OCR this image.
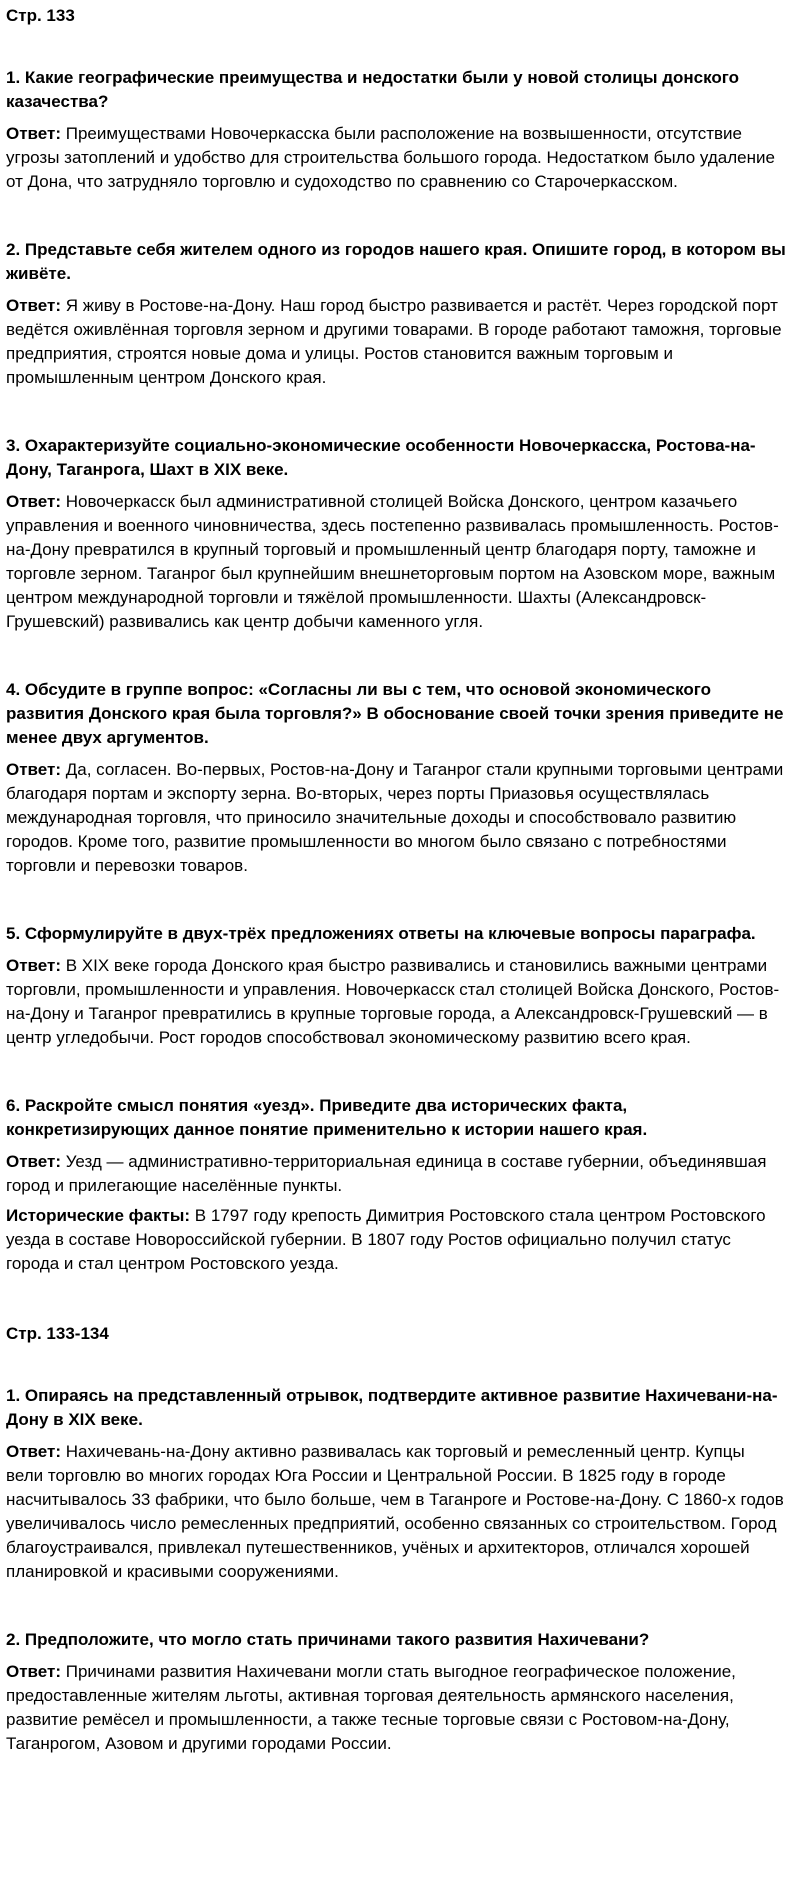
Стр. 133
1. Какие географические преимущества и недостатки были у новой столицы донского казачества?
Ответ: Преимуществами Новочеркасска были расположение на возвышенности, отсутствие угрозы затоплений и удобство для строительства большого города. Недостатком было удаление от Дона, что затрудняло торговлю и судоходство по сравнению со Старочеркасском.
2. Представьте себя жителем одного из городов нашего края. Опишите город, в котором вы живёте.
Ответ: Я живу в Ростове-на-Дону. Наш город быстро развивается и растёт. Через городской порт ведётся оживлённая торговля зерном и другими товарами. В городе работают таможня, торговые предприятия, строятся новые дома и улицы. Ростов становится важным торговым и промышленным центром Донского края.
3. Охарактеризуйте социально-экономические особенности Новочеркасска, Ростова-на-Дону, Таганрога, Шахт в XIX веке.
Ответ: Новочеркасск был административной столицей Войска Донского, центром казачьего управления и военного чиновничества, здесь постепенно развивалась промышленность. Ростов-на-Дону превратился в крупный торговый и промышленный центр благодаря порту, таможне и торговле зерном. Таганрог был крупнейшим внешнеторговым портом на Азовском море, важным центром международной торговли и тяжёлой промышленности. Шахты (Александровск-Грушевский) развивались как центр добычи каменного угля.
4. Обсудите в группе вопрос: «Согласны ли вы с тем, что основой экономического развития Донского края была торговля?» В обоснование своей точки зрения приведите не менее двух аргументов.
Ответ: Да, согласен. Во-первых, Ростов-на-Дону и Таганрог стали крупными торговыми центрами благодаря портам и экспорту зерна. Во-вторых, через порты Приазовья осуществлялась международная торговля, что приносило значительные доходы и способствовало развитию городов. Кроме того, развитие промышленности во многом было связано с потребностями торговли и перевозки товаров.
5. Сформулируйте в двух-трёх предложениях ответы на ключевые вопросы параграфа.
Ответ: В XIX веке города Донского края быстро развивались и становились важными центрами торговли, промышленности и управления. Новочеркасск стал столицей Войска Донского, Ростов-на-Дону и Таганрог превратились в крупные торговые города, а Александровск-Грушевский — в центр угледобычи. Рост городов способствовал экономическому развитию всего края.
6. Раскройте смысл понятия «уезд». Приведите два исторических факта, конкретизирующих данное понятие применительно к истории нашего края.
Ответ: Уезд — административно-территориальная единица в составе губернии, объединявшая город и прилегающие населённые пункты.
Исторические факты: В 1797 году крепость Димитрия Ростовского стала центром Ростовского уезда в составе Новороссийской губернии. В 1807 году Ростов официально получил статус города и стал центром Ростовского уезда.
Стр. 133-134
1. Опираясь на представленный отрывок, подтвердите активное развитие Нахичевани-на-Дону в XIX веке.
Ответ: Нахичевань-на-Дону активно развивалась как торговый и ремесленный центр. Купцы вели торговлю во многих городах Юга России и Центральной России. В 1825 году в городе насчитывалось 33 фабрики, что было больше, чем в Таганроге и Ростове-на-Дону. С 1860-х годов увеличивалось число ремесленных предприятий, особенно связанных со строительством. Город благоустраивался, привлекал путешественников, учёных и архитекторов, отличался хорошей планировкой и красивыми сооружениями.
2. Предположите, что могло стать причинами такого развития Нахичевани?
Ответ: Причинами развития Нахичевани могли стать выгодное географическое положение, предоставленные жителям льготы, активная торговая деятельность армянского населения, развитие ремёсел и промышленности, а также тесные торговые связи с Ростовом-на-Дону, Таганрогом, Азовом и другими городами России.
